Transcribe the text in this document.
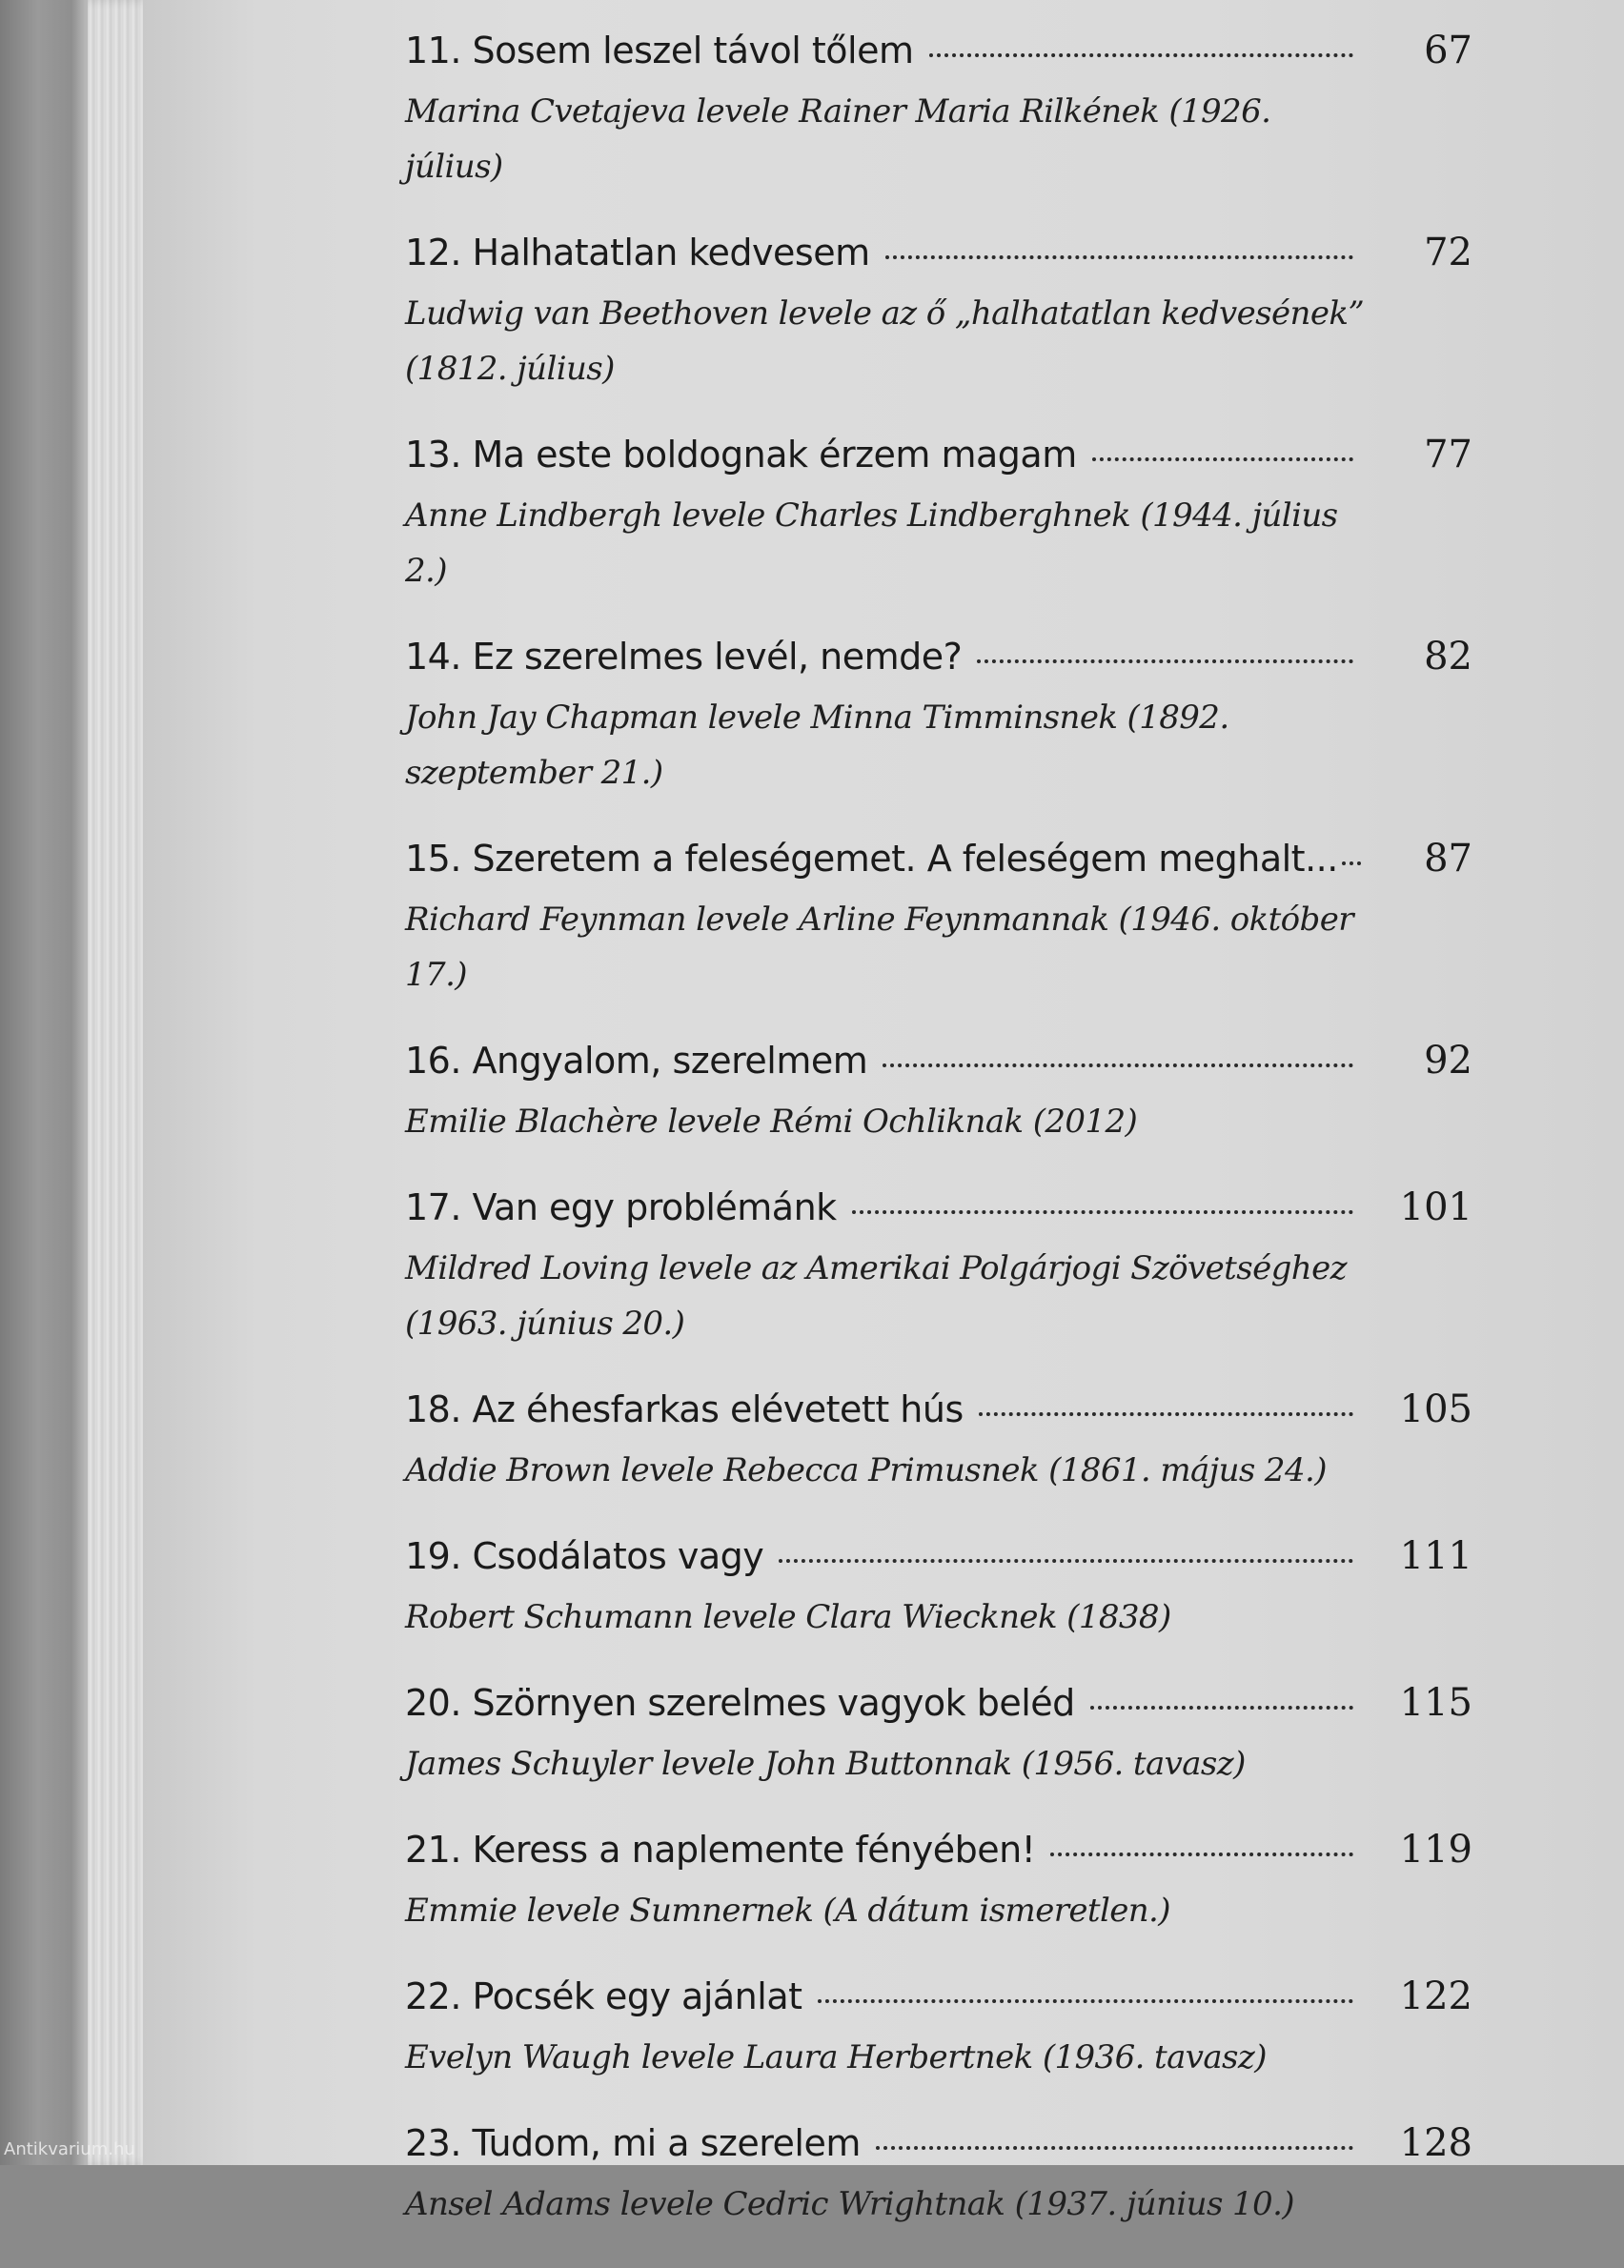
11. Sosem leszel távol tőlem	67
Marina Cvetajeva levele Rainer Maria Rilkének (1926. július)
12. Halhatatlan kedvesem	72
Ludwig van Beethoven levele az ő „halhatatlan kedvesének” (1812. július)
13. Ma este boldognak érzem magam	77
Anne Lindbergh levele Charles Lindberghnek (1944. július 2.)
14. Ez szerelmes levél, nemde?	82
John Jay Chapman levele Minna Timminsnek (1892. szeptember 21.)
15. Szeretem a feleségemet. A feleségem meghalt...	87
Richard Feynman levele Arline Feynmannak (1946. október 17.)
16. Angyalom, szerelmem	92
Emilie Blachère levele Rémi Ochliknak (2012)
17. Van egy problémánk	101
Mildred Loving levele az Amerikai Polgárjogi Szövetséghez (1963. június 20.)
18. Az éhesfarkas elévetett hús	105
Addie Brown levele Rebecca Primusnek (1861. május 24.)
19. Csodálatos vagy	111
Robert Schumann levele Clara Wiecknek (1838)
20. Szörnyen szerelmes vagyok beléd	115
James Schuyler levele John Buttonnak (1956. tavasz)
21. Keress a naplemente fényében!	119
Emmie levele Sumnernek (A dátum ismeretlen.)
22. Pocsék egy ajánlat	122
Evelyn Waugh levele Laura Herbertnek (1936. tavasz)
23. Tudom, mi a szerelem	128
Ansel Adams levele Cedric Wrightnak (1937. június 10.)
Antikvarium.hu
